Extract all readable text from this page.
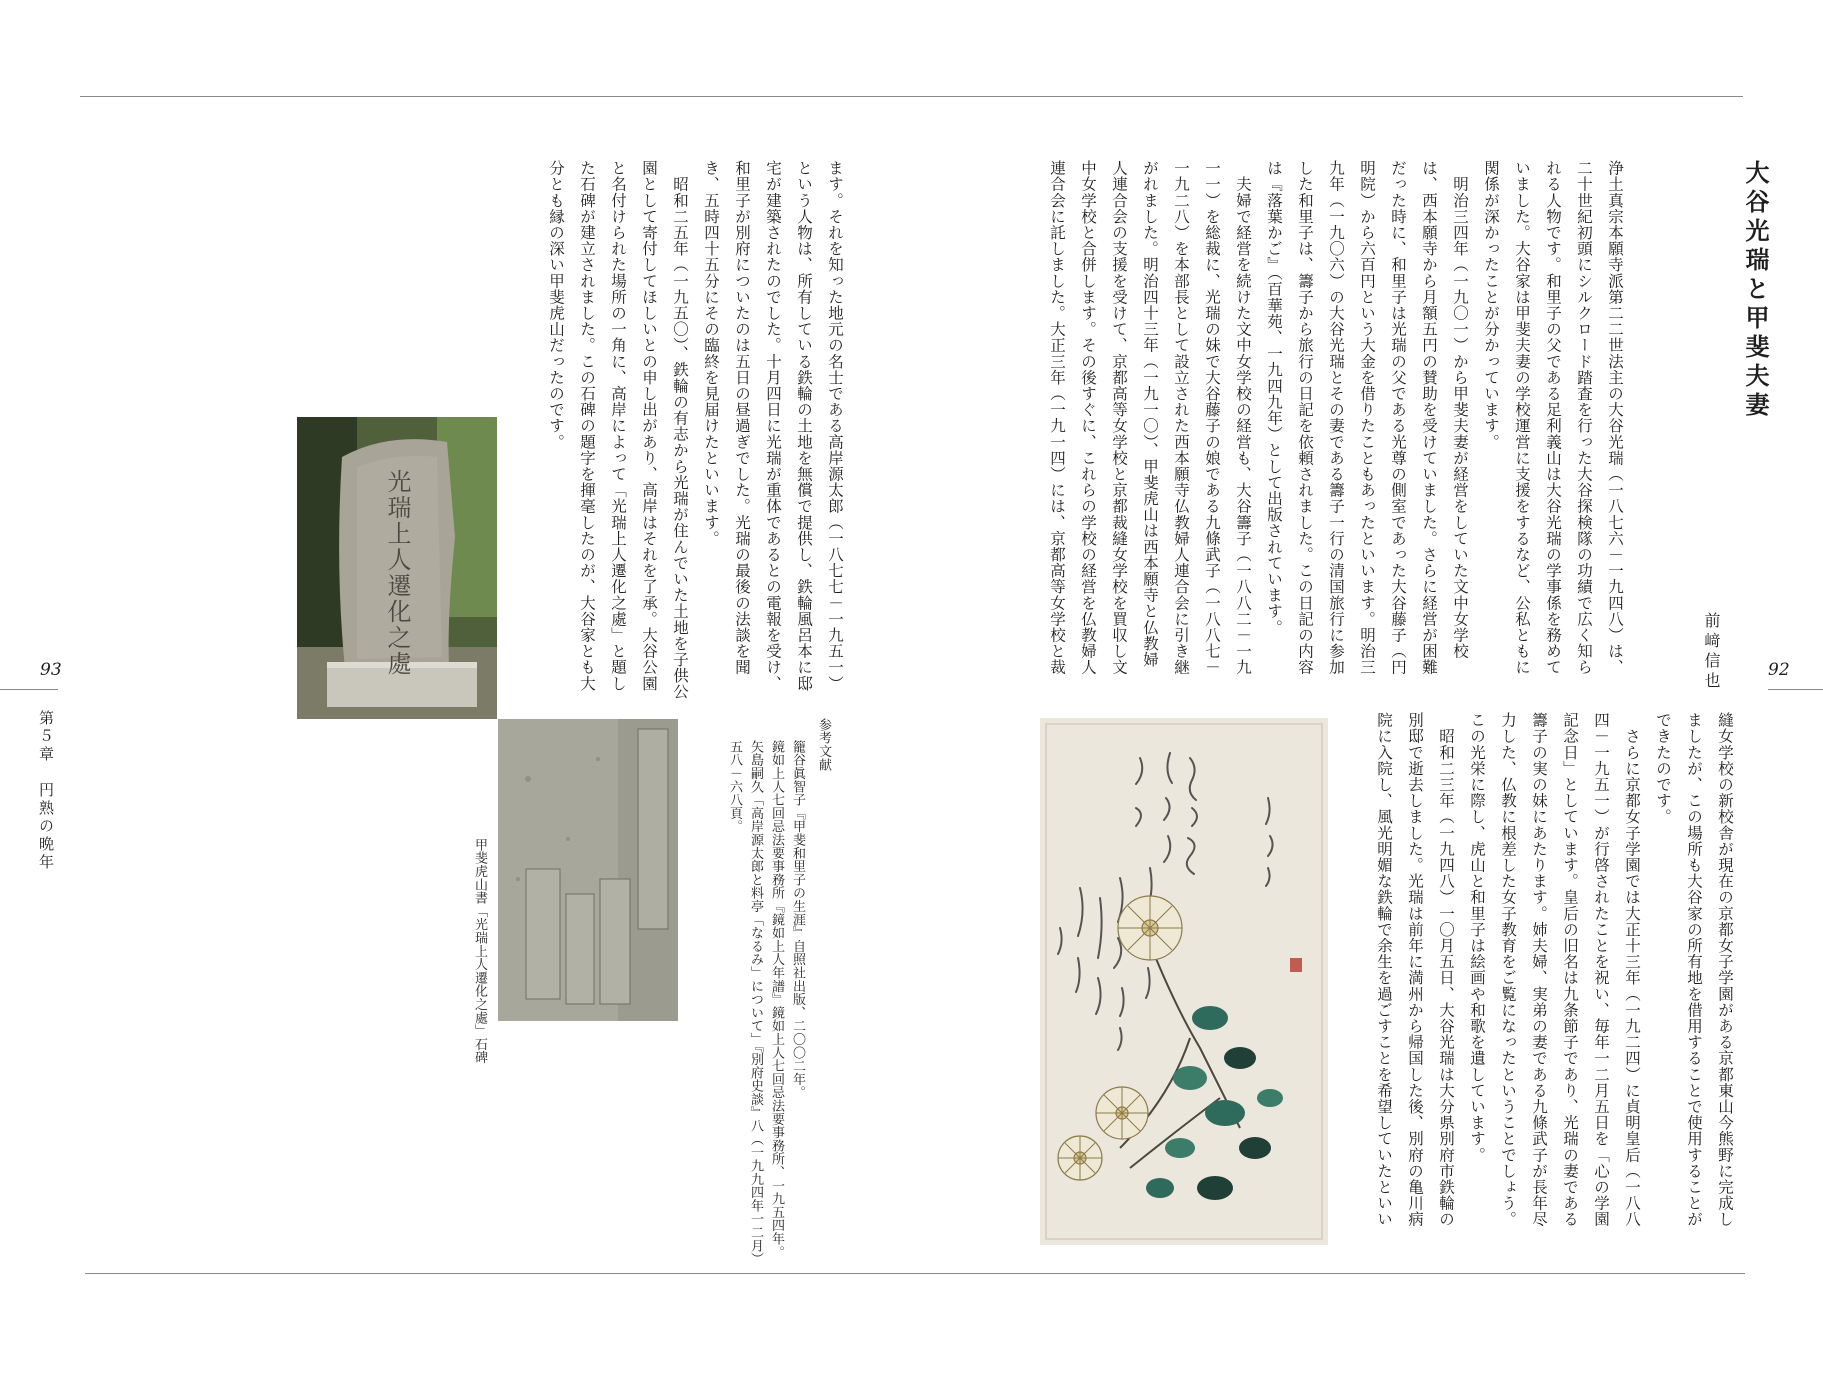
大谷光瑞と甲斐夫妻
前﨑信也
浄土真宗本願寺派第二二世法主の大谷光瑞（一八七六－一九四八）は、二十世紀初頭にシルクロード踏査を行った大谷探検隊の功績で広く知られる人物です。和里子の父である足利義山は大谷光瑞の学事係を務めていました。大谷家は甲斐夫妻の学校運営に支援をするなど、公私ともに関係が深かったことが分かっています。
　明治三四年（一九〇一）から甲斐夫妻が経営をしていた文中女学校は、西本願寺から月額五円の賛助を受けていました。さらに経営が困難だった時に、和里子は光瑞の父である光尊の側室であった大谷藤子（円明院）から六百円という大金を借りたこともあったといいます。明治三九年（一九〇六）の大谷光瑞とその妻である籌子一行の清国旅行に参加した和里子は、籌子から旅行の日記を依頼されました。この日記の内容は『落葉かご』（百華苑、一九四九年）として出版されています。
　夫婦で経営を続けた文中女学校の経営も、大谷籌子（一八八二－一九一一）を総裁に、光瑞の妹で大谷藤子の娘である九條武子（一八八七－一九二八）を本部長として設立された西本願寺仏教婦人連合会に引き継がれました。明治四十三年（一九一〇）、甲斐虎山は西本願寺と仏教婦人連合会の支援を受けて、京都高等女学校と京都裁縫女学校を買収し文中女学校と合併します。その後すぐに、これらの学校の経営を仏教婦人連合会に託しました。大正三年（一九一四）には、京都高等女学校と裁	92
縫女学校の新校舎が現在の京都女子学園がある京都東山今熊野に完成しましたが、この場所も大谷家の所有地を借用することで使用することができたのです。
　さらに京都女子学園では大正十三年（一九二四）に貞明皇后（一八八四－一九五一）が行啓されたことを祝い、毎年一二月五日を「心の学園記念日」としています。皇后の旧名は九条節子であり、光瑞の妻である籌子の実の妹にあたります。姉夫婦、実弟の妻である九條武子が長年尽力した、仏教に根差した女子教育をご覧になったということでしょう。この光栄に際し、虎山と和里子は絵画や和歌を遺しています。
　昭和二三年（一九四八）一〇月五日、大谷光瑞は大分県別府市鉄輪の別邸で逝去しました。光瑞は前年に満州から帰国した後、別府の亀川病院に入院し、風光明媚な鉄輪で余生を過ごすことを希望していたといい
ます。それを知った地元の名士である高岸源太郎（一八七七－一九五一）という人物は、所有している鉄輪の土地を無償で提供し、鉄輪風呂本に邸宅が建築されたのでした。十月四日に光瑞が重体であるとの電報を受け、和里子が別府についたのは五日の昼過ぎでした。光瑞の最後の法談を聞き、五時四十五分にその臨終を見届けたといいます。
　昭和二五年（一九五〇）、鉄輪の有志から光瑞が住んでいた土地を子供公園として寄付してほしいとの申し出があり、高岸はそれを了承。大谷公園と名付けられた場所の一角に、高岸によって「光瑞上人遷化之處」と題した石碑が建立されました。この石碑の題字を揮毫したのが、大谷家とも大分とも縁の深い甲斐虎山だったのです。
93
第５章　円熟の晩年
光瑞上人遷化之處
参考文献
籠谷眞智子『甲斐和里子の生涯』自照社出版、二〇〇二年。
鏡如上人七回忌法要事務所『鏡如上人年譜』鏡如上人七回忌法要事務所、一九五四年。
矢島嗣久「高岸源太郎と料亭「なるみ」について」『別府史談』八（一九九四年一二月）五八－六八頁。
甲斐虎山書「光瑞上人遷化之處」石碑
